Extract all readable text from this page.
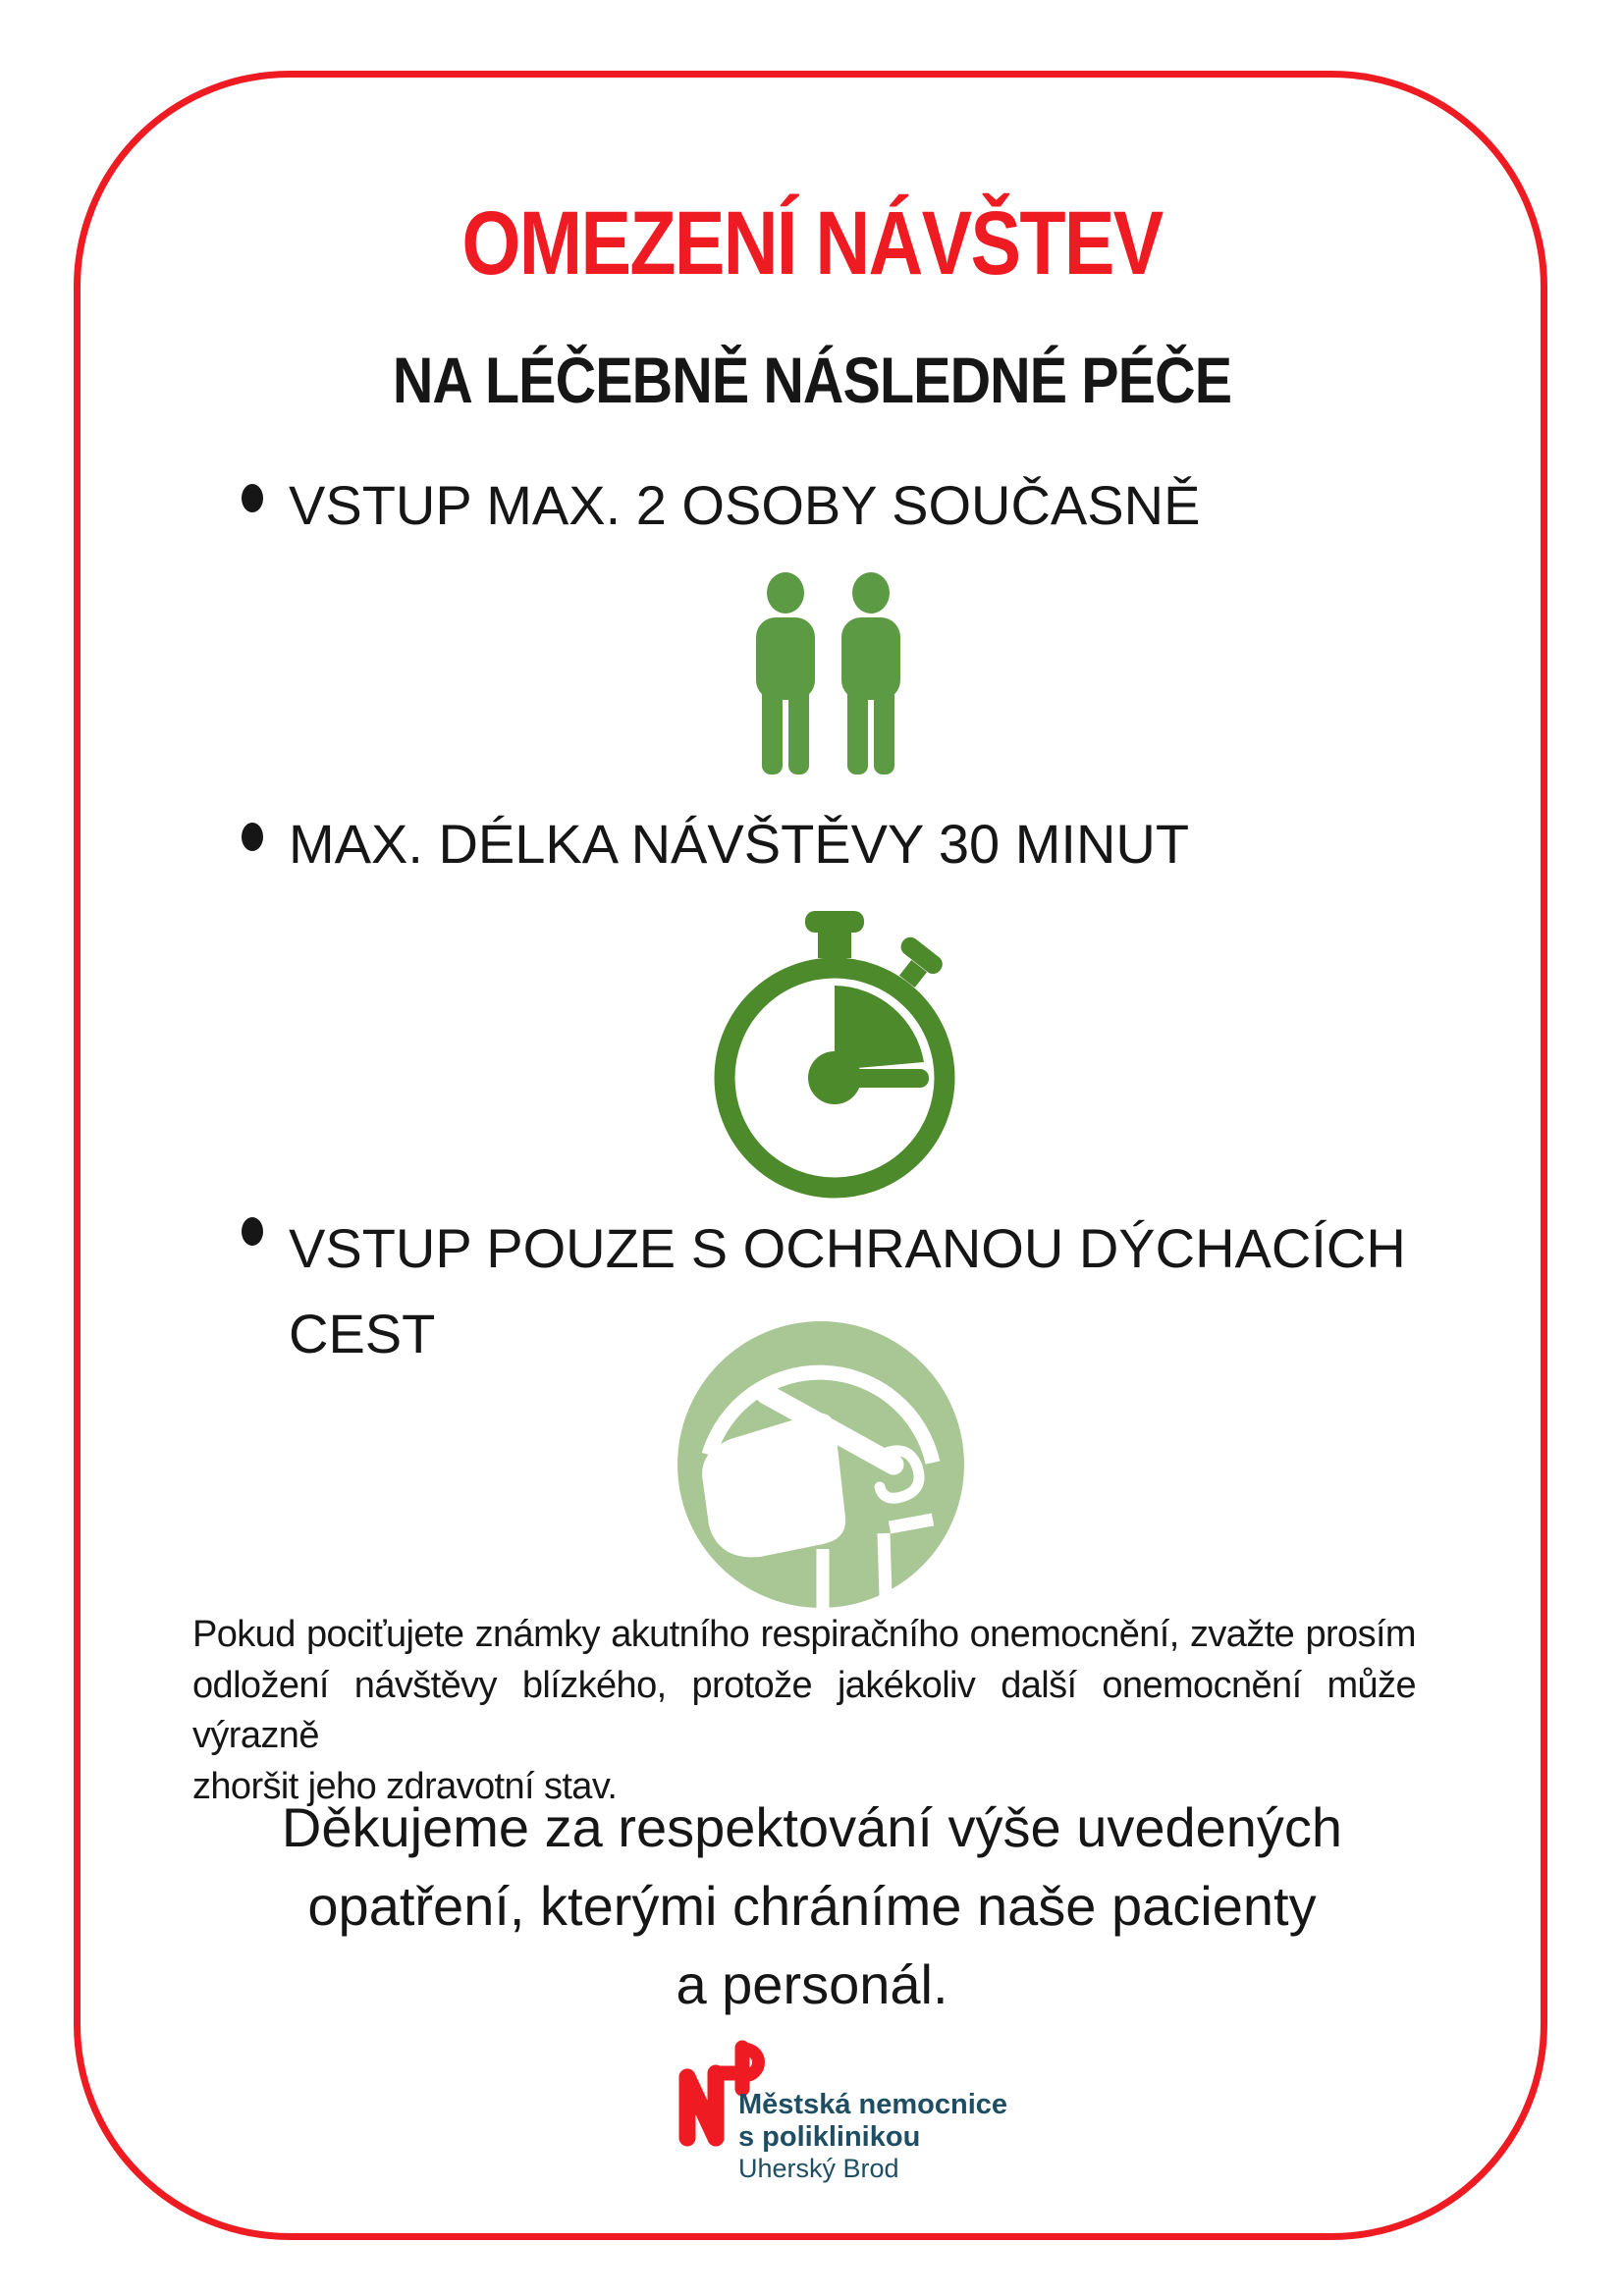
OMEZENÍ NÁVŠTEV
NA LÉČEBNĚ NÁSLEDNÉ PÉČE
VSTUP MAX. 2 OSOBY SOUČASNĚ
MAX. DÉLKA NÁVŠTĚVY 30 MINUT
VSTUP POUZE S OCHRANOU DÝCHACÍCH
CEST
Pokud pociťujete známky akutního respiračního onemocnění, zvažte prosím
odložení návštěvy blízkého, protože jakékoliv další onemocnění může výrazně
zhoršit jeho zdravotní stav.
Děkujeme za respektování výše uvedených
opatření, kterými chráníme naše pacienty
a personál.
Městská nemocnice
s poliklinikou
Uherský Brod
